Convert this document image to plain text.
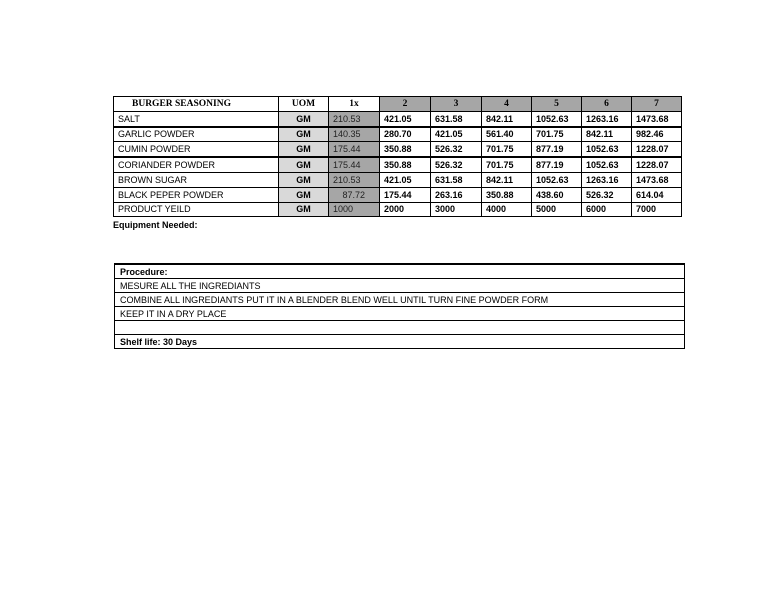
BURGER SEASONING	UOM	1x	2	3	4	5	6	7
SALT	GM	210.53	421.05	631.58	842.11	1052.63	1263.16	1473.68
GARLIC POWDER	GM	140.35	280.70	421.05	561.40	701.75	842.11	982.46
CUMIN POWDER	GM	175.44	350.88	526.32	701.75	877.19	1052.63	1228.07
CORIANDER POWDER	GM	175.44	350.88	526.32	701.75	877.19	1052.63	1228.07
BROWN SUGAR	GM	210.53	421.05	631.58	842.11	1052.63	1263.16	1473.68
BLACK PEPER POWDER	GM	87.72	175.44	263.16	350.88	438.60	526.32	614.04
PRODUCT YEILD	GM	1000	2000	3000	4000	5000	6000	7000
Equipment Needed:
Procedure:
MESURE ALL THE INGREDIANTS
COMBINE ALL INGREDIANTS PUT IT IN A BLENDER BLEND WELL UNTIL TURN FINE POWDER FORM
KEEP IT IN A DRY PLACE

Shelf life: 30 Days
